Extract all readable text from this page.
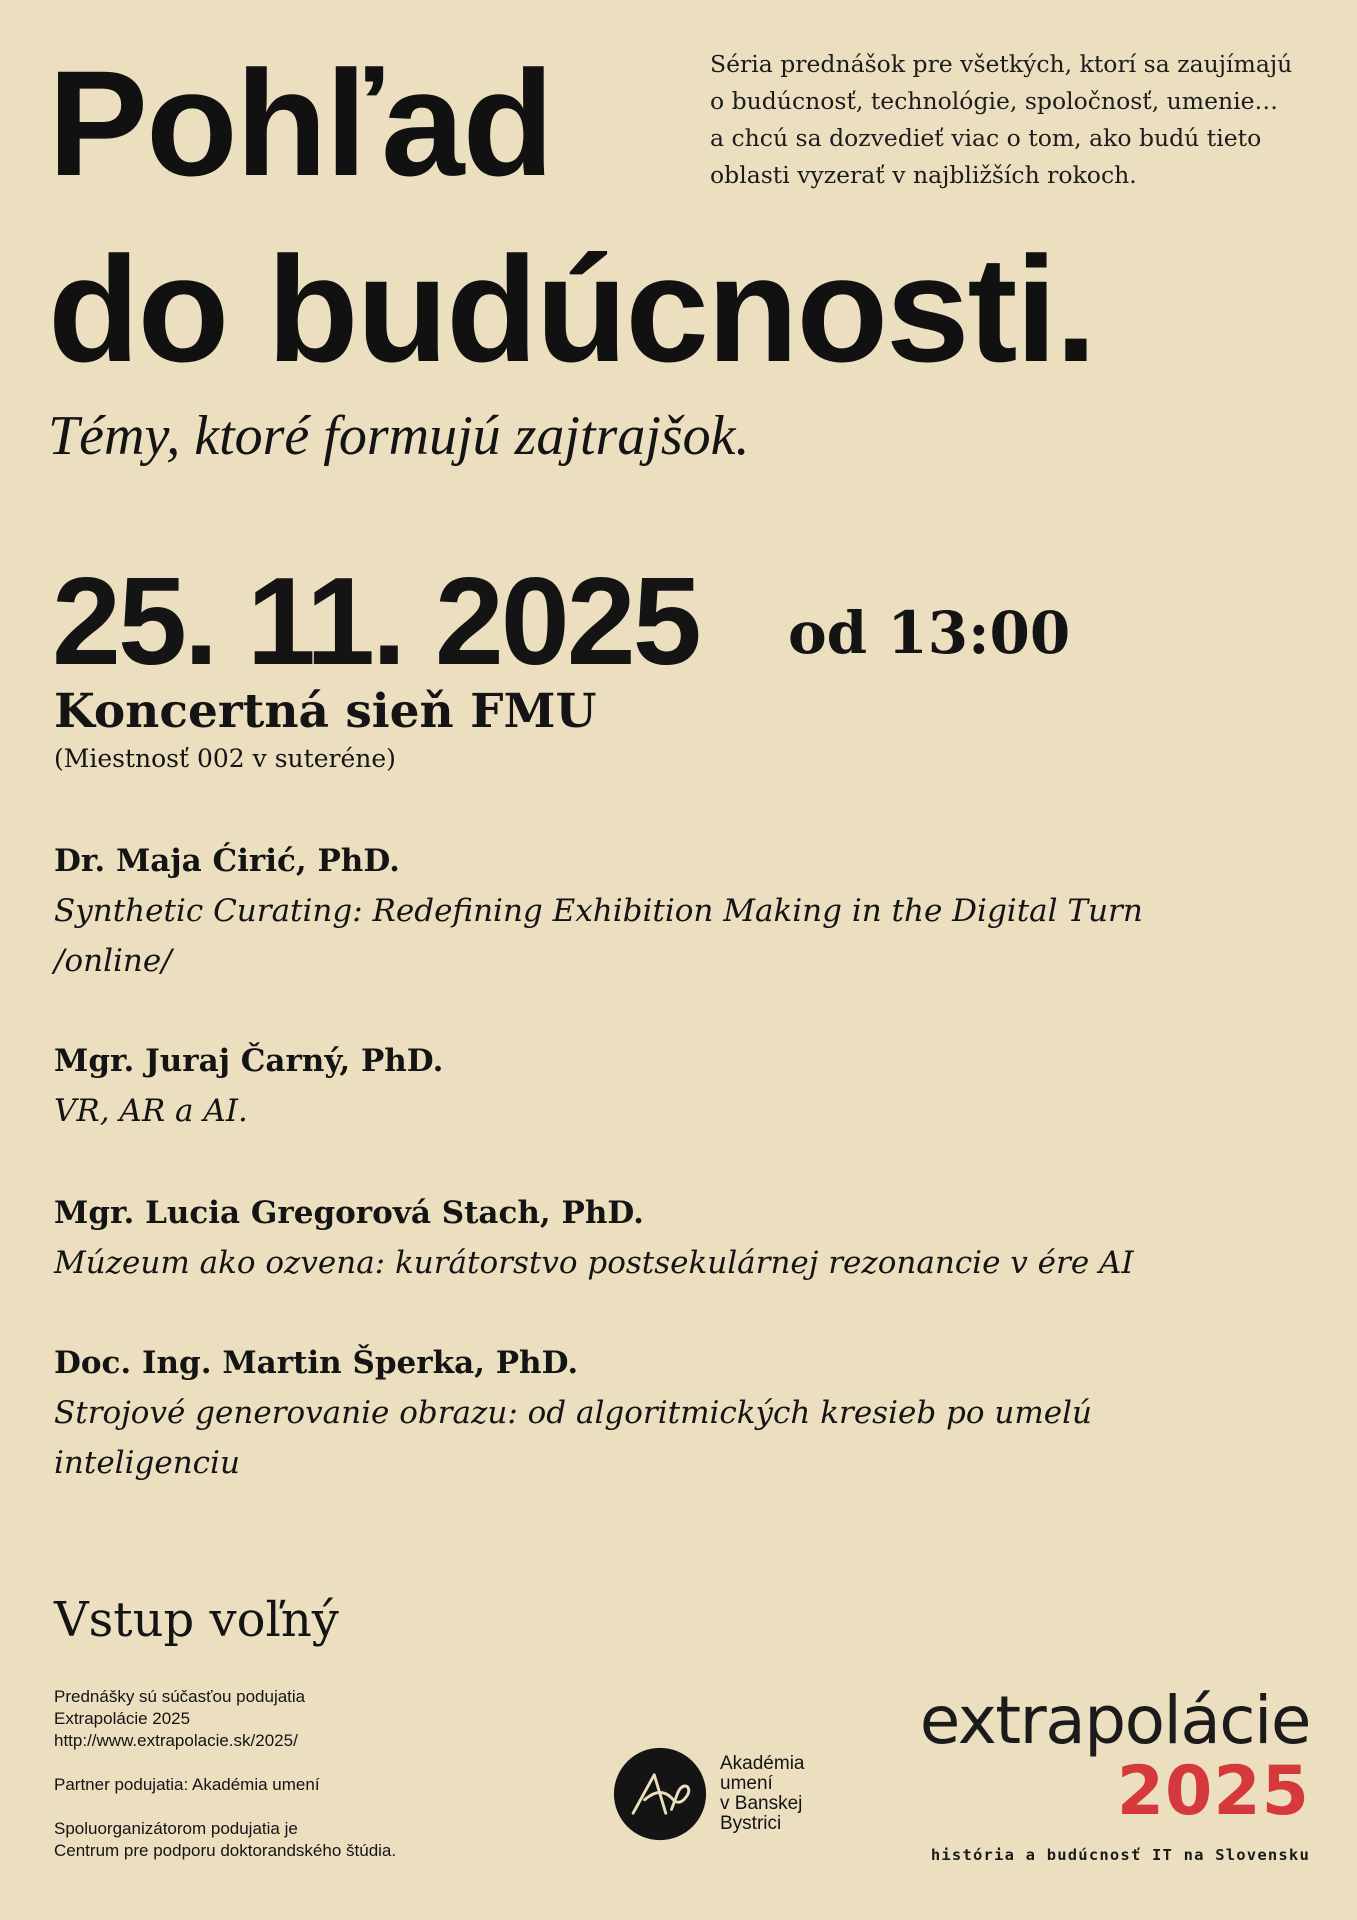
Pohľad
do budúcnosti.
Séria prednášok pre všetkých, ktorí sa zaujímajú
o budúcnosť, technológie, spoločnosť, umenie…
a chcú sa dozvedieť viac o tom, ako budú tieto
oblasti vyzerať v najbližších rokoch.
Témy, ktoré formujú zajtrajšok.
25. 11. 2025 od 13:00
Koncertná sieň FMU
(Miestnosť 002 v suteréne)
Dr. Maja Ćirić, PhD.
Synthetic Curating: Redefining Exhibition Making in the Digital Turn
/online/
Mgr. Juraj Čarný, PhD.
VR, AR a AI.
Mgr. Lucia Gregorová Stach, PhD.
Múzeum ako ozvena: kurátorstvo postsekulárnej rezonancie v ére AI
Doc. Ing. Martin Šperka, PhD.
Strojové generovanie obrazu: od algoritmických kresieb po umelú
inteligenciu
Vstup voľný

Prednášky sú súčasťou podujatia
Extrapolácie 2025
http://www.extrapolacie.sk/2025/

Partner podujatia: Akadémia umení

Spoluorganizátorom podujatia je
Centrum pre podporu doktorandského štúdia.

Akadémia
umení
v Banskej
Bystrici
extrapolácie
2025
história a budúcnosť IT na Slovensku
